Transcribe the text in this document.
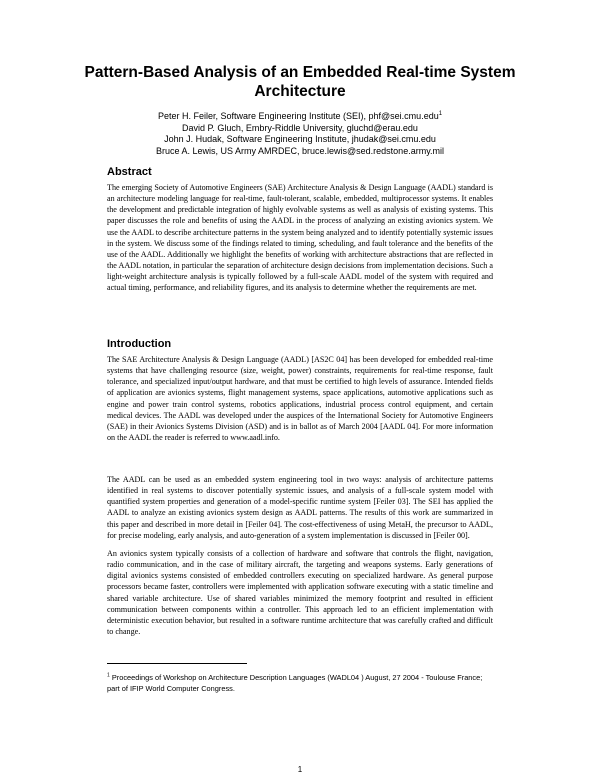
Pattern-Based Analysis of an Embedded Real-time System Architecture
Peter H. Feiler, Software Engineering Institute (SEI), phf@sei.cmu.edu$^1$
David P. Gluch, Embry-Riddle University, gluchd@erau.edu
John J. Hudak, Software Engineering Institute, jhudak@sei.cmu.edu
Bruce A. Lewis, US Army AMRDEC, bruce.lewis@sed.redstone.army.mil
Abstract

The emerging Society of Automotive Engineers (SAE) Architecture Analysis & Design Language (AADL) standard is an architecture modeling language for real-time, fault-tolerant, scalable, embedded, multiprocessor systems. It enables the development and predictable integration of highly evolvable systems as well as analysis of existing systems. This paper discusses the role and benefits of using the AADL in the process of analyzing an existing avionics system. We use the AADL to describe architecture patterns in the system being analyzed and to identify potentially systemic issues in the system. We discuss some of the findings related to timing, scheduling, and fault tolerance and the benefits of the use of the AADL. Additionally we highlight the benefits of working with architecture abstractions that are reflected in the AADL notation, in particular the separation of architecture design decisions from implementation decisions. Such a light-weight architecture analysis is typically followed by a full-scale AADL model of the system with required and actual timing, performance, and reliability figures, and its analysis to determine whether the requirements are met.

Introduction

The SAE Architecture Analysis & Design Language (AADL) [AS2C 04] has been developed for embedded real-time systems that have challenging resource (size, weight, power) constraints, requirements for real-time response, fault tolerance, and specialized input/output hardware, and that must be certified to high levels of assurance. Intended fields of application are avionics systems, flight management systems, space applications, automotive applications such as engine and power train control systems, robotics applications, industrial process control equipment, and certain medical devices. The AADL was developed under the auspices of the International Society for Automotive Engineers (SAE) in their Avionics Systems Division (ASD) and is in ballot as of March 2004 [AADL 04]. For more information on the AADL the reader is referred to www.aadl.info.

The AADL can be used as an embedded system engineering tool in two ways: analysis of architecture patterns identified in real systems to discover potentially systemic issues, and analysis of a full-scale system model with quantified system properties and generation of a model-specific runtime system [Feiler 03]. The SEI has applied the AADL to analyze an existing avionics system design as AADL patterns. The results of this work are summarized in this paper and described in more detail in [Feiler 04]. The cost-effectiveness of using MetaH, the precursor to AADL, for precise modeling, early analysis, and auto-generation of a system implementation is discussed in [Feiler 00].

An avionics system typically consists of a collection of hardware and software that controls the flight, navigation, radio communication, and in the case of military aircraft, the targeting and weapons systems. Early generations of digital avionics systems consisted of embedded controllers executing on specialized hardware. As general purpose processors became faster, controllers were implemented with application software executing with a static timeline and shared variable architecture. Use of shared variables minimized the memory footprint and resulted in efficient communication between components within a controller. This approach led to an efficient implementation with deterministic execution behavior, but resulted in a software runtime architecture that was carefully crafted and difficult to change.

$^1$ Proceedings of Workshop on Architecture Description Languages (WADL04 ) August, 27 2004 - Toulouse France; part of IFIP World Computer Congress.
1
